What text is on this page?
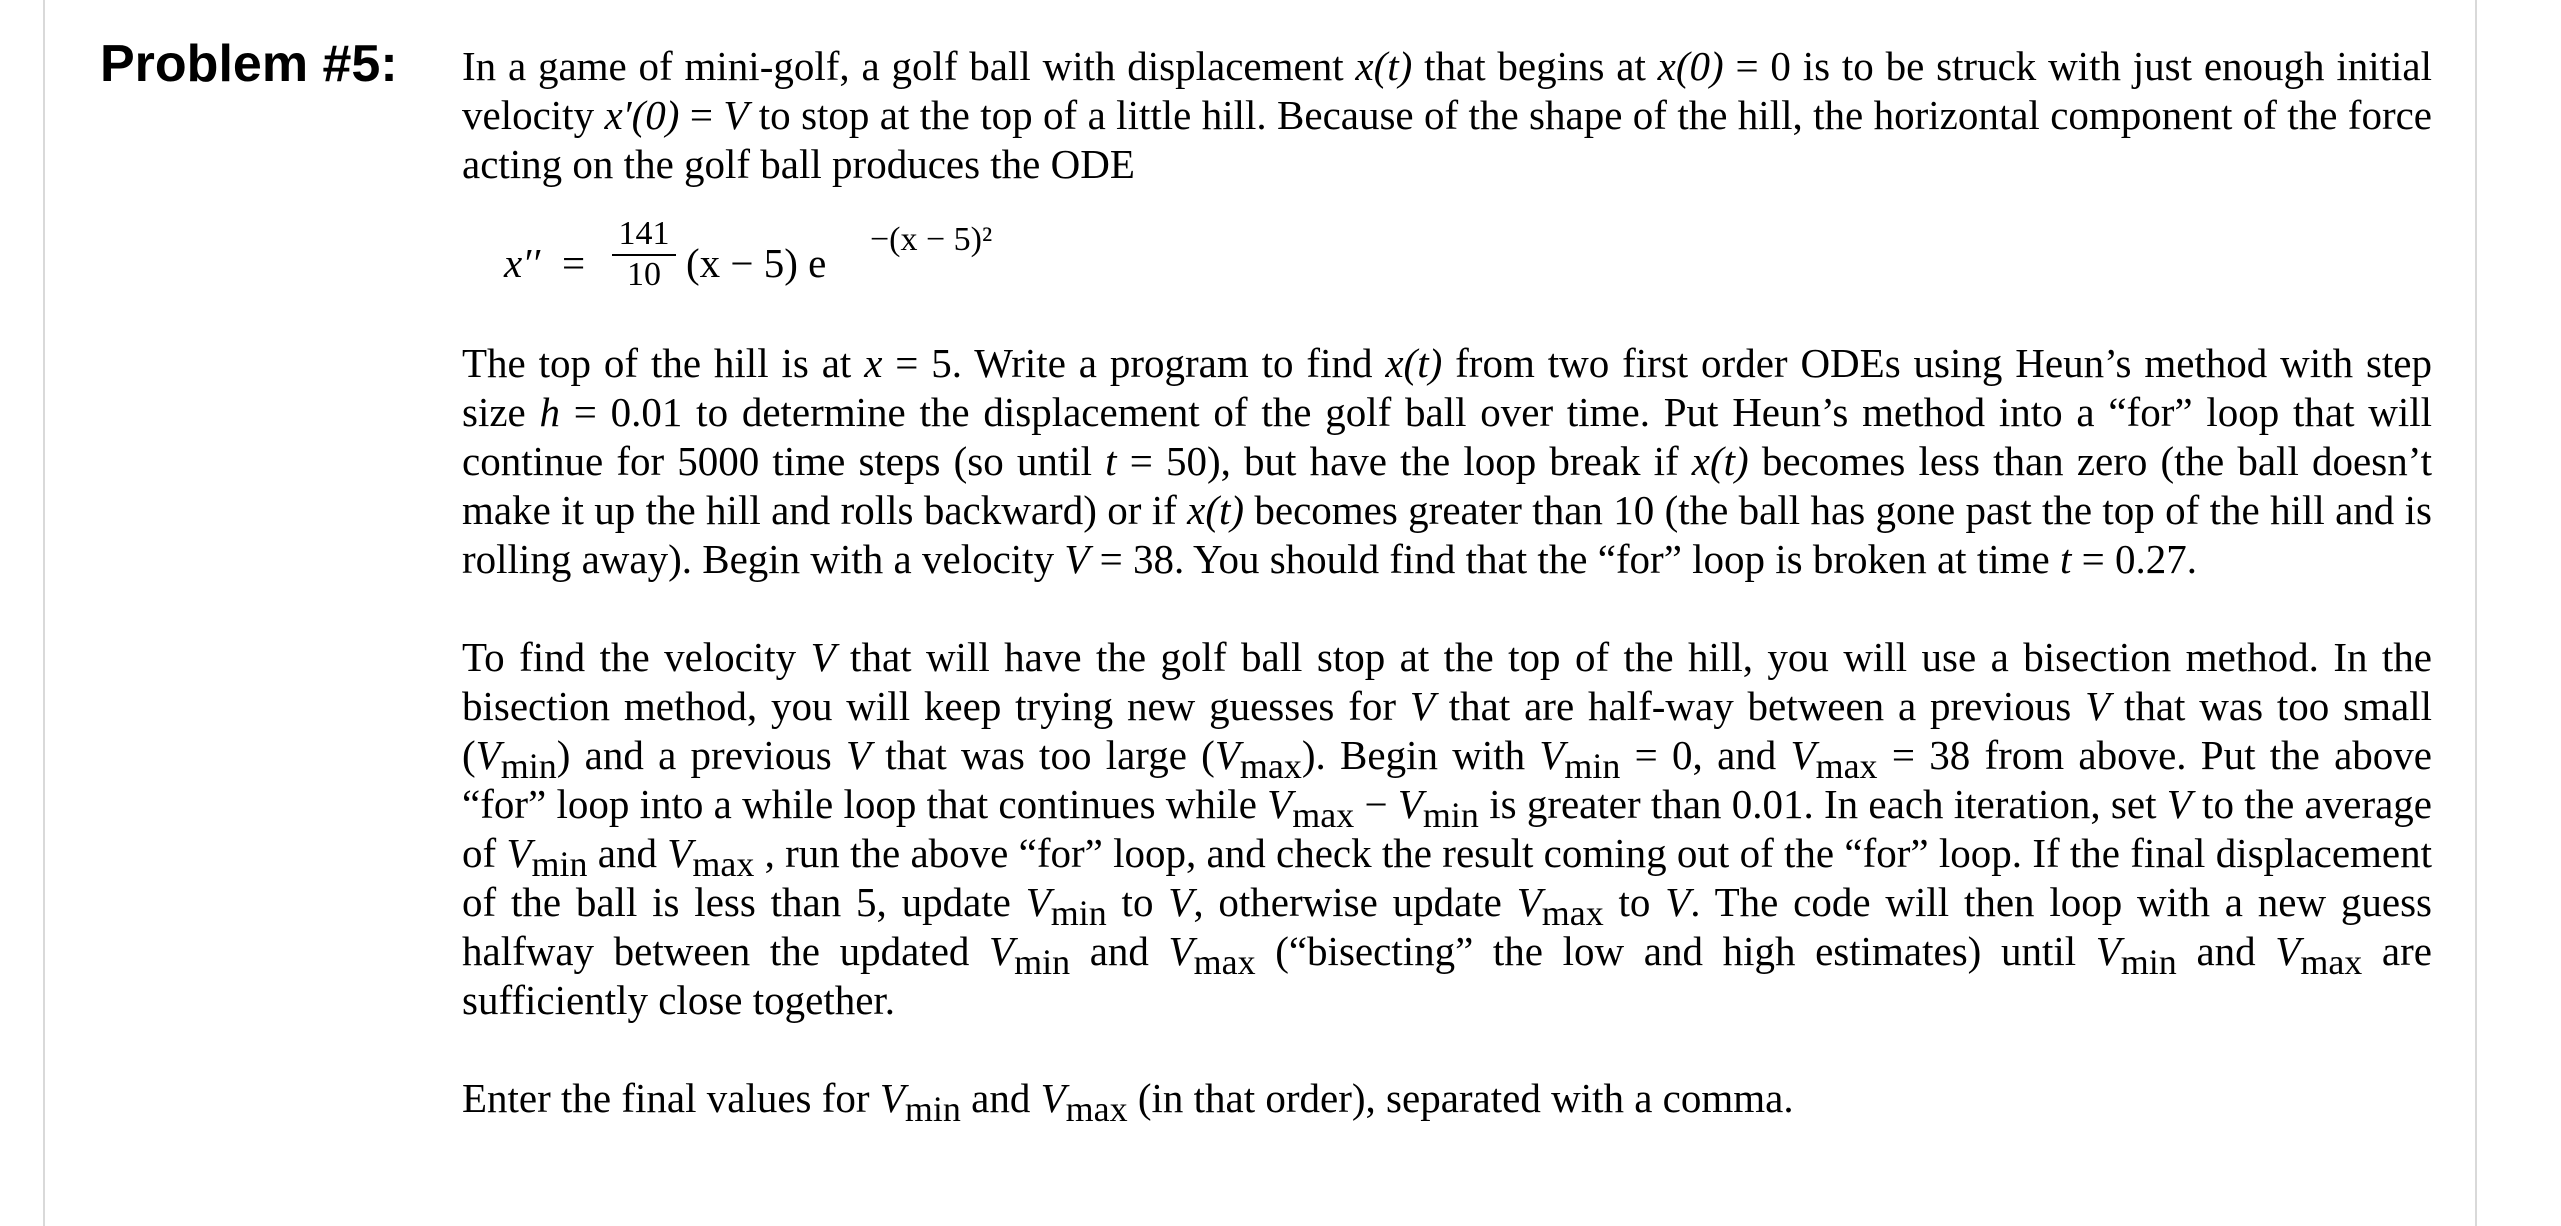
Problem #5: In a game of mini-golf, a golf ball with displacement x(t) that begins at x(0) = 0 is to be struck with just enough initial velocity x′(0) = V to stop at the top of a little hill. Because of the shape of the hill, the horizontal component of the force acting on the golf ball produces the ODE

$x'' = \frac{141}{10} (x - 5)$ e
−(x − 5)²

The top of the hill is at x = 5. Write a program to find x(t) from two first order ODEs using Heun’s method with step size h = 0.01 to determine the displacement of the golf ball over time. Put Heun’s method into a “for” loop that will continue for 5000 time steps (so until t = 50), but have the loop break if x(t) becomes less than zero (the ball doesn’t make it up the hill and rolls backward) or if x(t) becomes greater than 10 (the ball has gone past the top of the hill and is rolling away). Begin with a velocity V = 38. You should find that the “for” loop is broken at time t = 0.27.

To find the velocity V that will have the golf ball stop at the top of the hill, you will use a bisection method. In the bisection method, you will keep trying new guesses for V that are half-way between a previous V that was too small (Vmin) and a previous V that was too large (Vmax). Begin with Vmin = 0, and Vmax = 38 from above. Put the above “for” loop into a while loop that continues while Vmax − Vmin is greater than 0.01. In each iteration, set V to the average of Vmin and Vmax , run the above “for” loop, and check the result coming out of the “for” loop. If the final displacement of the ball is less than 5, update Vmin to V, otherwise update Vmax to V. The code will then loop with a new guess halfway between the updated Vmin and Vmax (“bisecting” the low and high estimates) until Vmin and Vmax are sufficiently close together.

Enter the final values for Vmin and Vmax (in that order), separated with a comma.
